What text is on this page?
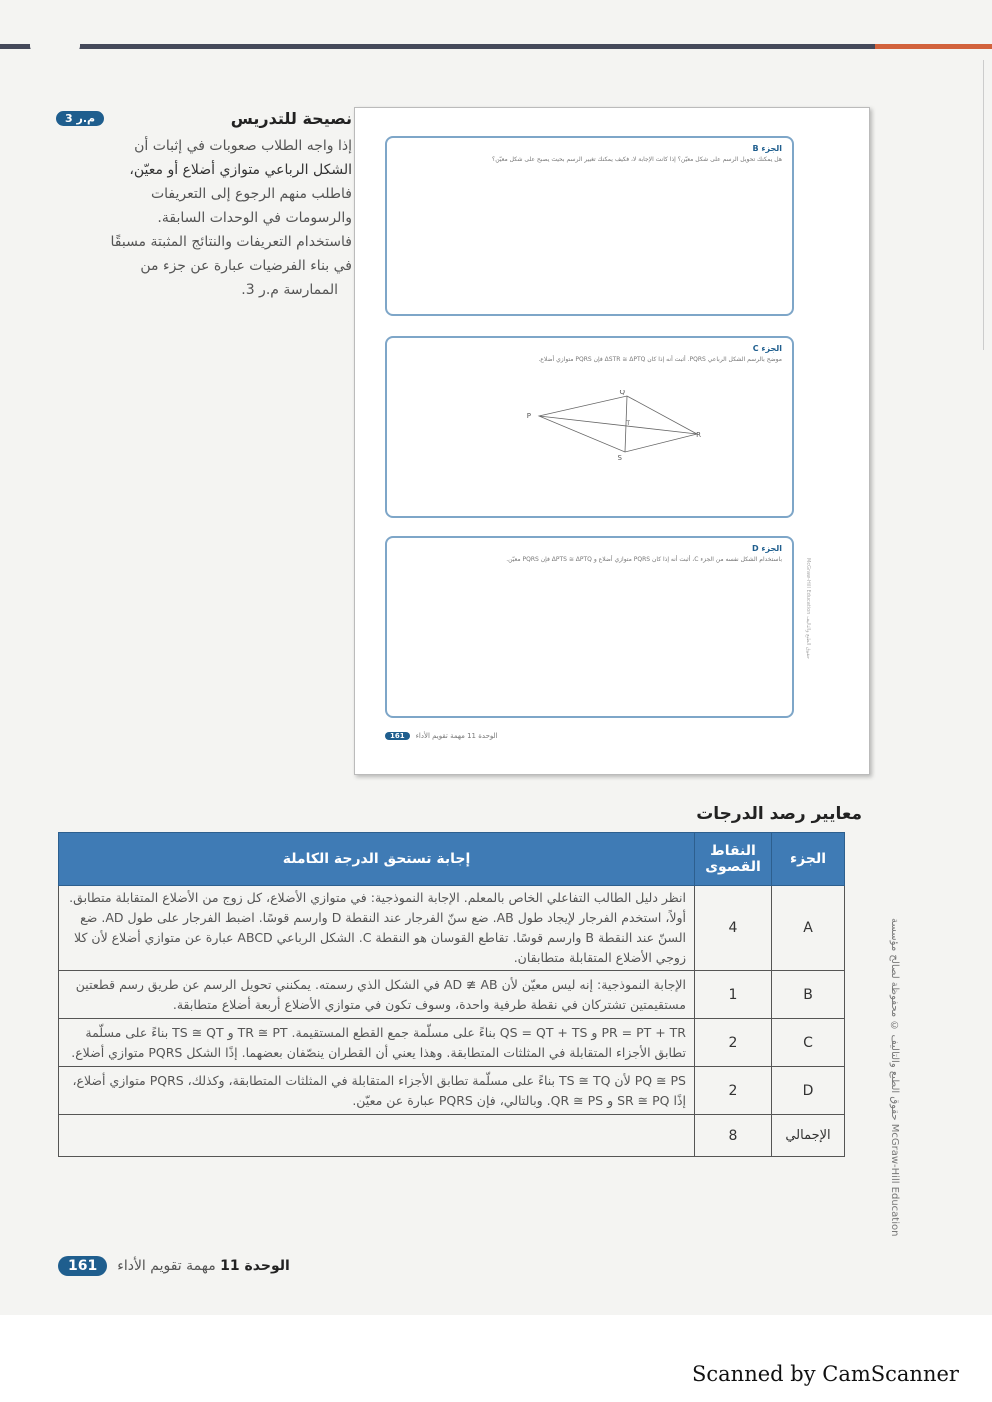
نصيحة للتدريس
م.ر 3
إذا واجه الطلاب صعوبات في إثبات أن
الشكل الرباعي متوازي أضلاع أو معيّن،
فاطلب منهم الرجوع إلى التعريفات
والرسومات في الوحدات السابقة.
فاستخدام التعريفات والنتائج المثبتة مسبقًا
في بناء الفرضيات عبارة عن جزء من
الممارسة م.ر 3.
الجزء B
هل يمكنك تحويل الرسم على شكل معيّن؟ إذا كانت الإجابة لا، فكيف يمكنك تغيير الرسم بحيث يصبح على شكل معيّن؟
الجزء C
موضح بالرسم الشكل الرباعي PQRS. أثبت أنه إذا كان ΔSTR ≅ ΔPTQ فإن PQRS متوازي أضلاع.
P
Q
R
S
T
الجزء D
باستخدام الشكل نفسه من الجزء C، أثبت أنه إذا كان PQRS متوازي أضلاع و ΔPTS ≅ ΔPTQ فإن PQRS معيّن.	McGraw-Hill Education حقوق الطبع والتأليف
161	الوحدة 11 مهمة تقويم الأداء
معايير رصد الدرجات
الجزء	النقاط القصوى	إجابة تستحق الدرجة الكاملة
A	4	انظر دليل الطالب التفاعلي الخاص بالمعلم. الإجابة النموذجية: في متوازي الأضلاع، كل زوج من الأضلاع المتقابلة متطابق. أولاً، استخدم الفرجار لإيجاد طول AB. ضع سنّ الفرجار عند النقطة D وارسم قوسًا. اضبط الفرجار على طول AD. ضع السنّ عند النقطة B وارسم قوسًا. تقاطع القوسان هو النقطة C. الشكل الرباعي ABCD عبارة عن متوازي أضلاع لأن كلا زوجي الأضلاع المتقابلة متطابقان.
B	1	الإجابة النموذجية: إنه ليس معيّن لأن AD ≇ AB في الشكل الذي رسمته. يمكنني تحويل الرسم عن طريق رسم قطعتين مستقيمتين تشتركان في نقطة طرفية واحدة، وسوف تكون في متوازي الأضلاع أربعة أضلاع متطابقة.
C	2	PR = PT + TR و QS = QT + TS بناءً على مسلّمة جمع القطع المستقيمة. TR ≅ PT و TS ≅ QT بناءً على مسلّمة تطابق الأجزاء المتقابلة في المثلثات المتطابقة. وهذا يعني أن القطران ينصّفان بعضهما. إذًا الشكل PQRS متوازي أضلاع.
D	2	PQ ≅ PS لأن TS ≅ TQ بناءً على مسلّمة تطابق الأجزاء المتقابلة في المثلثات المتطابقة، وكذلك، PQRS متوازي أضلاع، إذًا SR ≅ PQ و QR ≅ PS. وبالتالي، فإن PQRS عبارة عن معيّن.
الإجمالي	8	
حقوق الطبع والتأليف © محفوظة لصالح مؤسسة McGraw-Hill Education
161	الوحدة 11 مهمة تقويم الأداء
Scanned by CamScanner
